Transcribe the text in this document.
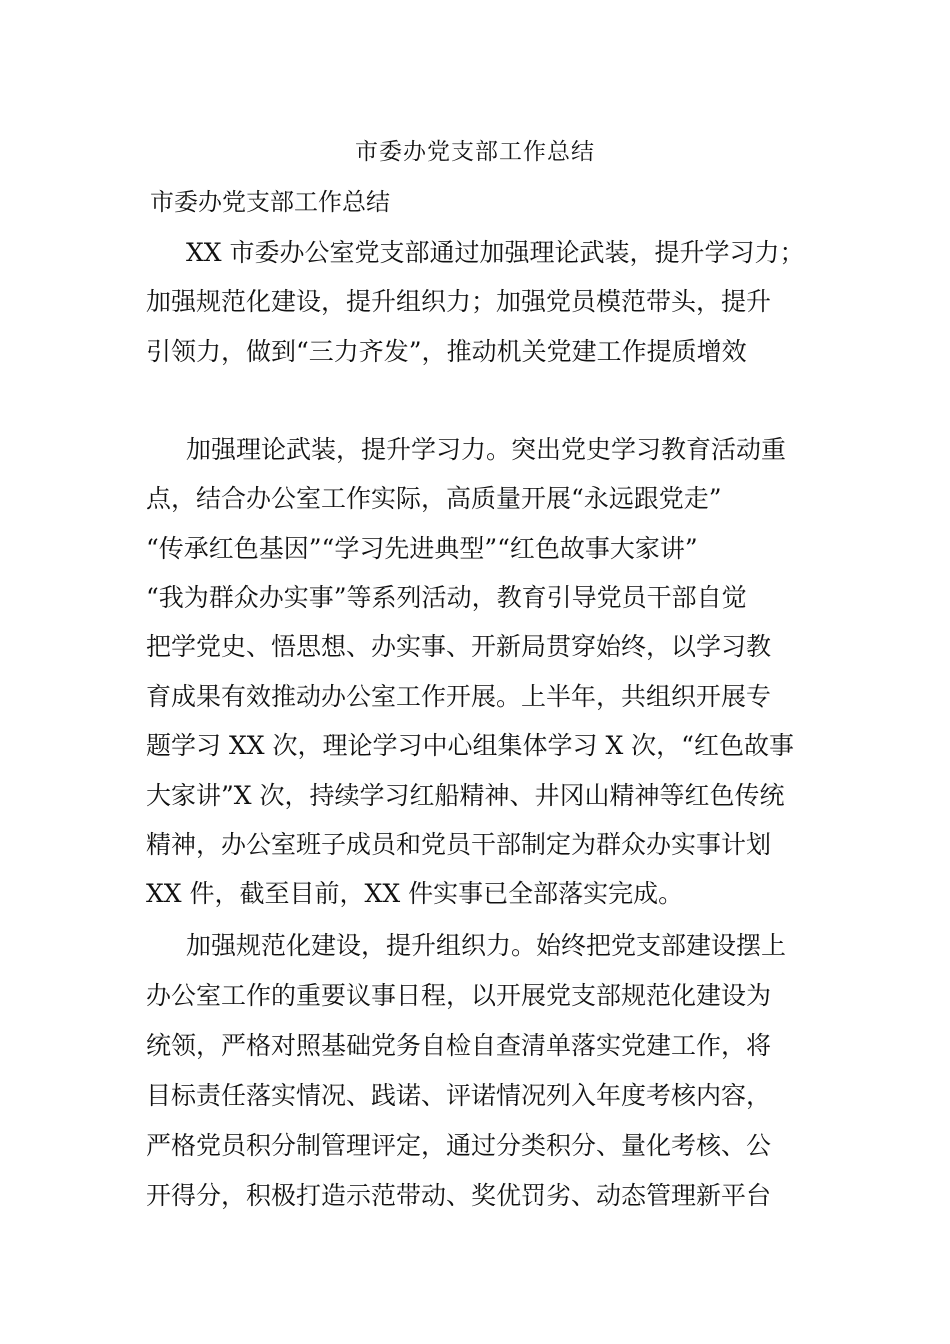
市委办党支部工作总结
市委办党支部工作总结
XX 市委办公室党支部通过加强理论武装，提升学习力；
加强规范化建设，提升组织力；加强党员模范带头，提升
引领力，做到“三力齐发”，推动机关党建工作提质增效
加强理论武装，提升学习力。突出党史学习教育活动重
点，结合办公室工作实际，高质量开展“永远跟党走”
“传承红色基因”“学习先进典型”“红色故事大家讲”
“我为群众办实事”等系列活动，教育引导党员干部自觉
把学党史、悟思想、办实事、开新局贯穿始终，以学习教
育成果有效推动办公室工作开展。上半年，共组织开展专
题学习 XX 次，理论学习中心组集体学习 X 次，“红色故事
大家讲”X 次，持续学习红船精神、井冈山精神等红色传统
精神，办公室班子成员和党员干部制定为群众办实事计划
XX 件，截至目前，XX 件实事已全部落实完成。
加强规范化建设，提升组织力。始终把党支部建设摆上
办公室工作的重要议事日程，以开展党支部规范化建设为
统领，严格对照基础党务自检自查清单落实党建工作，将
目标责任落实情况、践诺、评诺情况列入年度考核内容，
严格党员积分制管理评定，通过分类积分、量化考核、公
开得分，积极打造示范带动、奖优罚劣、动态管理新平台
